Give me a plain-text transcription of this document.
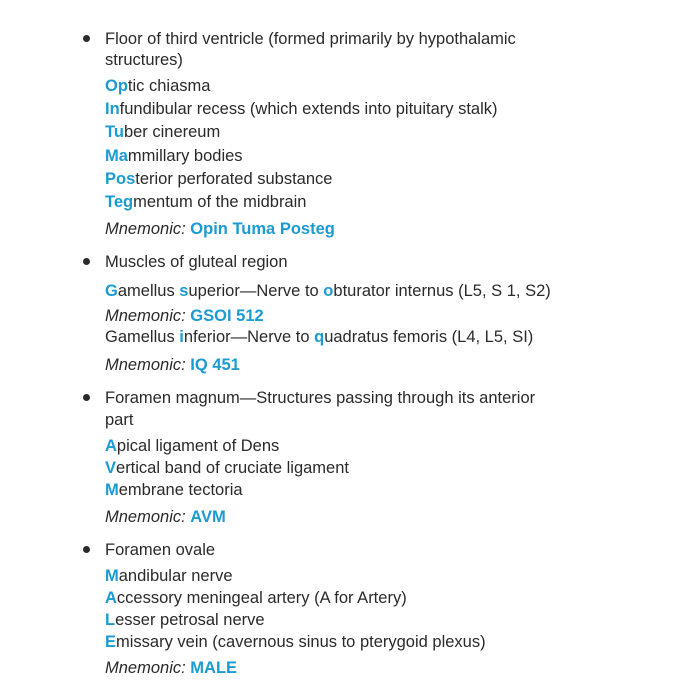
Floor of third ventricle (formed primarily by hypothalamic
structures)
Optic chiasma
Infundibular recess (which extends into pituitary stalk)
Tuber cinereum
Mammillary bodies
Posterior perforated substance
Tegmentum of the midbrain
Mnemonic: Opin Tuma Posteg
Muscles of gluteal region
Gamellus superior—Nerve to obturator internus (L5, S 1, S2)
Mnemonic: GSOI 512
Gamellus inferior—Nerve to quadratus femoris (L4, L5, SI)
Mnemonic: IQ 451
Foramen magnum—Structures passing through its anterior
part
Apical ligament of Dens
Vertical band of cruciate ligament
Membrane tectoria
Mnemonic: AVM
Foramen ovale
Mandibular nerve
Accessory meningeal artery (A for Artery)
Lesser petrosal nerve
Emissary vein (cavernous sinus to pterygoid plexus)
Mnemonic: MALE
